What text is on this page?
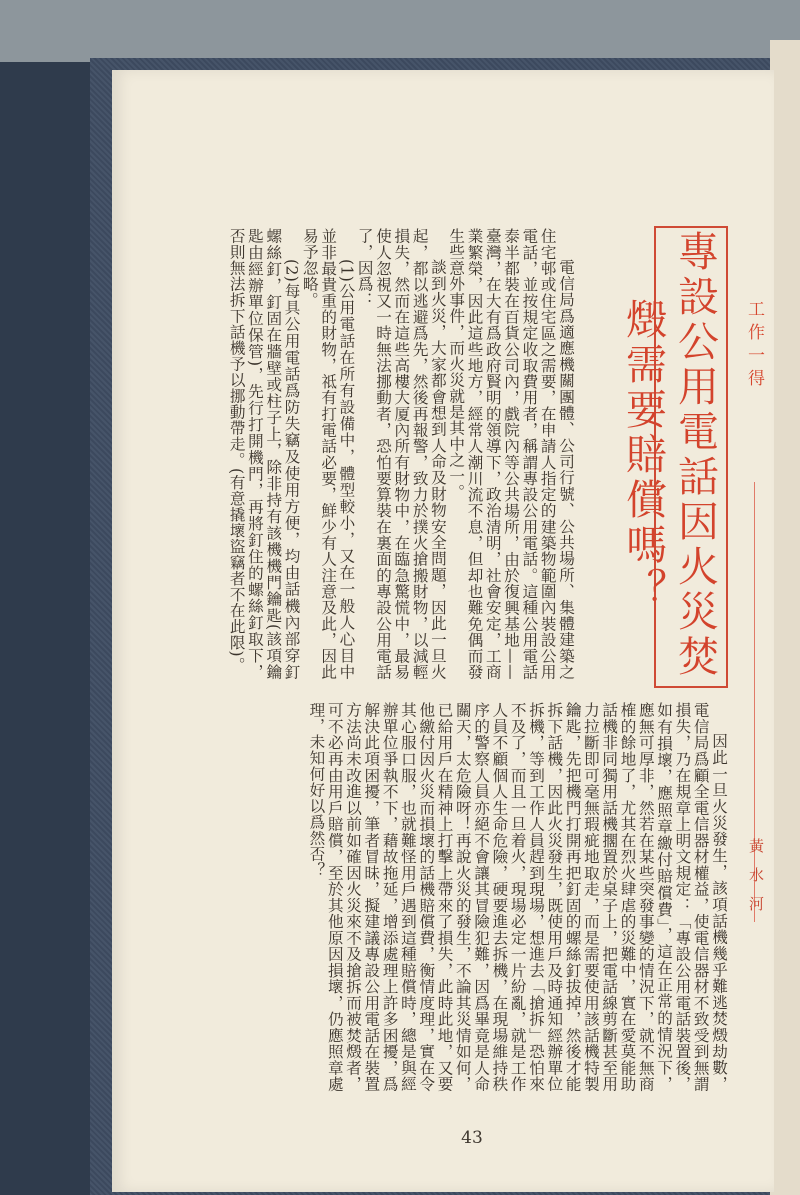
專設公用電話因火災焚燬需要賠償嗎？
工作一得
黃水河

電信局爲適應機關團體、公司行號、公共場所、集體建築之住宅邨或住宅區之需要，在申請人指定的建築物範圍內裝設公用電話，並按規定收取費用者，稱謂專設公用電話。這種公用電話泰半都裝在百貨公司內，戲院內等公共場所，由於復興基地——臺灣，在大有爲政府賢明的領導下，政治清明，社會安定，工商業繁榮，因此這些地方，經常人潮川流不息，但却也難免偶而發生些意外事件，而火災就是其中之一。

談到火災，大家都會想到人命及財物安全問題，因此一旦火起，都以逃避爲先，然後再報警，致力於撲火搶搬財物，以減輕損失，然而在這些高樓大厦內所有財物中，在臨急驚慌中，最易使人忽視又一時無法挪動者，恐怕要算裝在裏面的專設公用電話了，因爲：

(1)公用電話在所有設備中，體型較小，又在一般人心目中並非最貴重的財物，祗有打電話必要，鮮少有人注意及此，因此易予忽略。

(2)每具公用電話爲防失竊及使用方便，均由話機內部穿釘螺絲釘，釘固在牆壁或柱子上，除非持有該機機門鑰匙(該項鑰匙由經辦單位保管)，先行打開機門，再將釘住的螺絲釘取下，否則無法拆下話機予以挪動帶走。(有意撬壞盜竊者不在此限)。

因此一旦火災發生，該項話機幾乎難逃焚燬劫數，電信局爲顧全電信器材權益，使電信器材不致受到無謂損失，乃在規章上明文規定：「專設公用電話裝置後，如有損壞，應照章繳付賠償費」，這在正常的情況下，應無可厚非，然若在某些突發事變的情況下，就不無商榷的餘地了，尤其在烈火肆虐的災難中，實在愛莫能助話機非同獨用話機擱置於桌子上，把電話線剪斷甚至用力拉斷即可毫無瑕疵地取走，而是需要使用該話機特製鑰匙，先把機門打開再把釘固的螺絲釘拔掉，然後才能拆下話機，因此火災發生，既使用戶及時通知經辦單位拆機，等到工作人員趕到現場，想進去「搶拆」恐怕來不及了，而且一旦着火，現場必定一片紛亂，就是工作人員不顧個人生命危險，硬要進去拆機，在現場維持秩序的警察人員亦絕不會讓其冒險犯難，因爲畢竟是人命關天，太危險呀！再說火災的發生，不論其災情如何，已給用戶在精神上打擊上帶來了損失，此時此地，又要他繳付因火災而損壞的話機賠償費，衡情度理，實在令其心服口服，也就難怪用戶遇到這種賠償時，總是與經辦單位爭執不下，藉故拖延，增添處理上許多困擾，爲解決此項困擾，筆者冒昧，擬建議專設公用電話在裝置方法尚未改進以前如確因火災來不及搶拆而被焚燬者，可不必再由用戶賠償，至於其他原因損壞，仍應照章處理，未知何好以爲然否？

43
